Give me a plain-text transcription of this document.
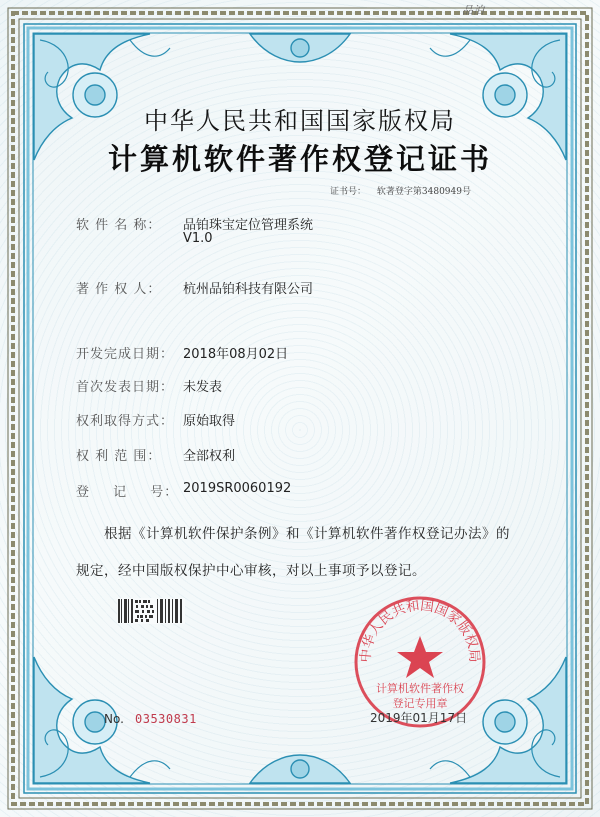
品泊
中华人民共和国国家版权局
计算机软件著作权登记证书
证书号： 软著登字第3480949号
软 件 名 称： 品铂珠宝定位管理系统
V1.0
著 作 权 人： 杭州品铂科技有限公司
开发完成日期： 2018年08月02日
首次发表日期： 未发表
权利取得方式： 原始取得
权 利 范 围： 全部权利
登 记 号： 2019SR0060192
根据《计算机软件保护条例》和《计算机软件著作权登记办法》的
规定，经中国版权保护中心审核，对以上事项予以登记。
中华人民共和国国家版权局
计算机软件著作权
登记专用章
No. 03530831	2019年01月17日
